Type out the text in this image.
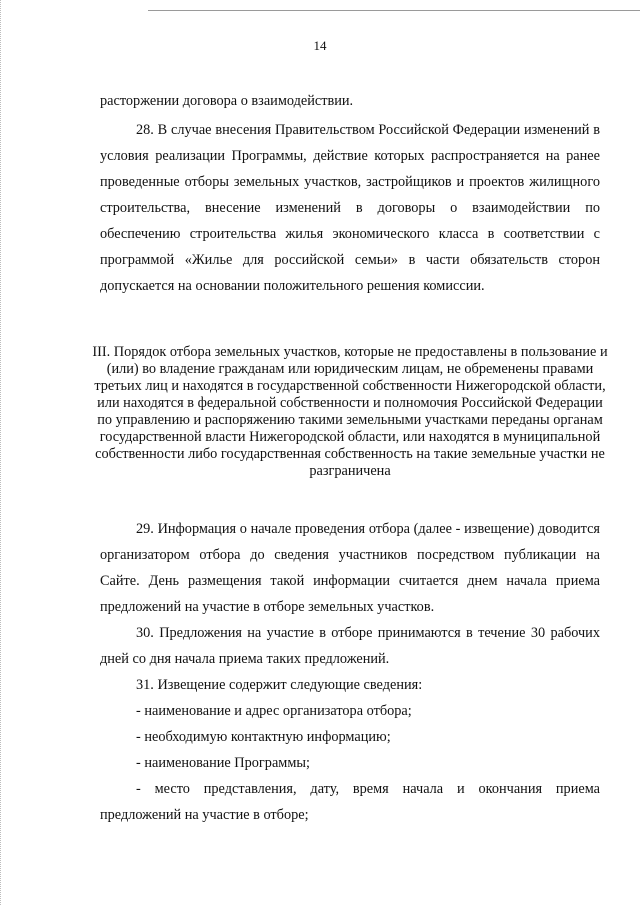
14

расторжении договора о взаимодействии.

28. В случае внесения Правительством Российской Федерации изменений в условия реализации Программы, действие которых распространяется на ранее проведенные отборы земельных участков, застройщиков и проектов жилищного строительства, внесение изменений в договоры о взаимодействии по обеспечению строительства жилья экономического класса в соответствии с программой «Жилье для российской семьи» в части обязательств сторон допускается на основании положительного решения комиссии.

III. Порядок отбора земельных участков, которые не предоставлены в пользование и (или) во владение гражданам или юридическим лицам, не обременены правами третьих лиц и находятся в государственной собственности Нижегородской области, или находятся в федеральной собственности и полномочия Российской Федерации по управлению и распоряжению такими земельными участками переданы органам государственной власти Нижегородской области, или находятся в муниципальной собственности либо государственная собственность на такие земельные участки не разграничена

29. Информация о начале проведения отбора (далее - извещение) доводится организатором отбора до сведения участников посредством публикации на Сайте. День размещения такой информации считается днем начала приема предложений на участие в отборе земельных участков.

30. Предложения на участие в отборе принимаются в течение 30 рабочих дней со дня начала приема таких предложений.

31. Извещение содержит следующие сведения:

- наименование и адрес организатора отбора;

- необходимую контактную информацию;

- наименование Программы;

- место представления, дату, время начала и окончания приема предложений на участие в отборе;
